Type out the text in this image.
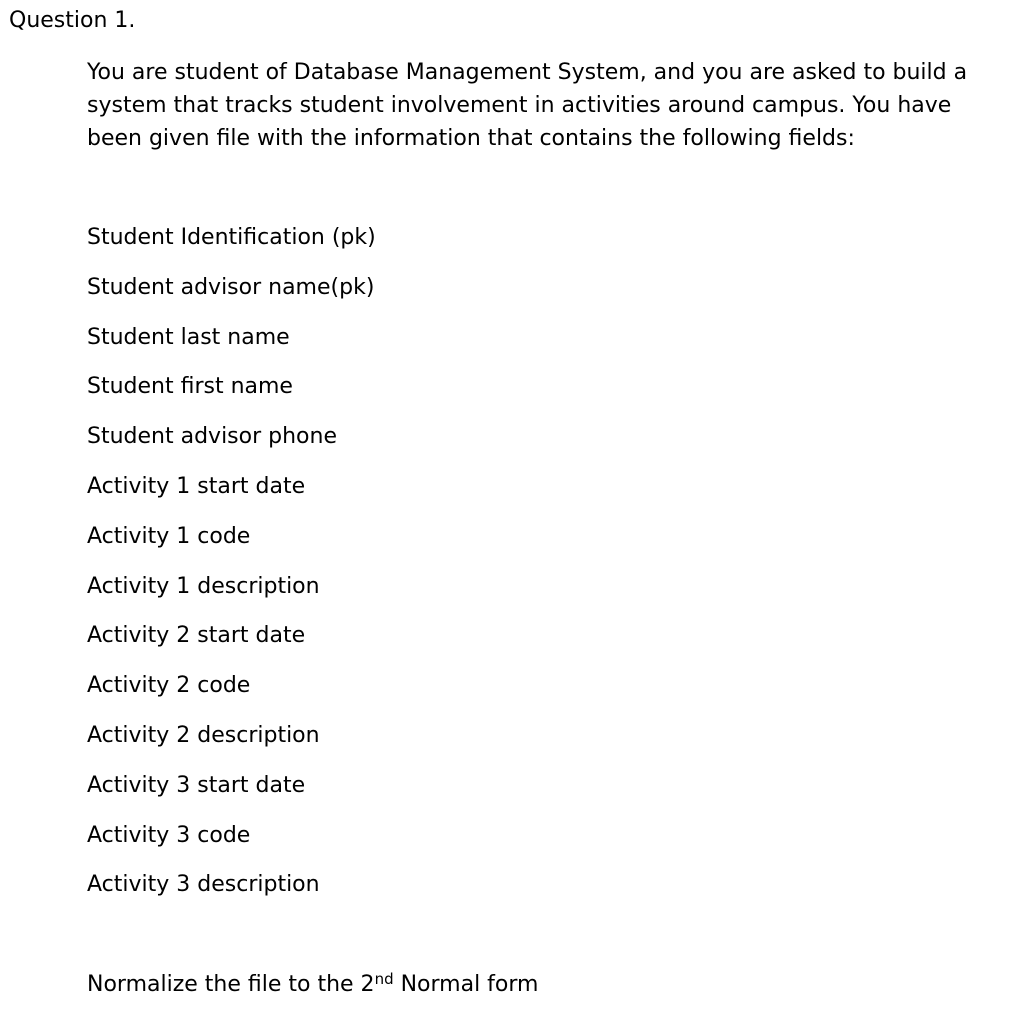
Question 1.

You are student of Database Management System, and you are asked to build a system that tracks student involvement in activities around campus. You have been given file with the information that contains the following fields:

Student Identification (pk)
Student advisor name(pk)
Student last name
Student first name
Student advisor phone
Activity 1 start date
Activity 1 code
Activity 1 description
Activity 2 start date
Activity 2 code
Activity 2 description
Activity 3 start date
Activity 3 code
Activity 3 description
Normalize the file to the 2nd Normal form
